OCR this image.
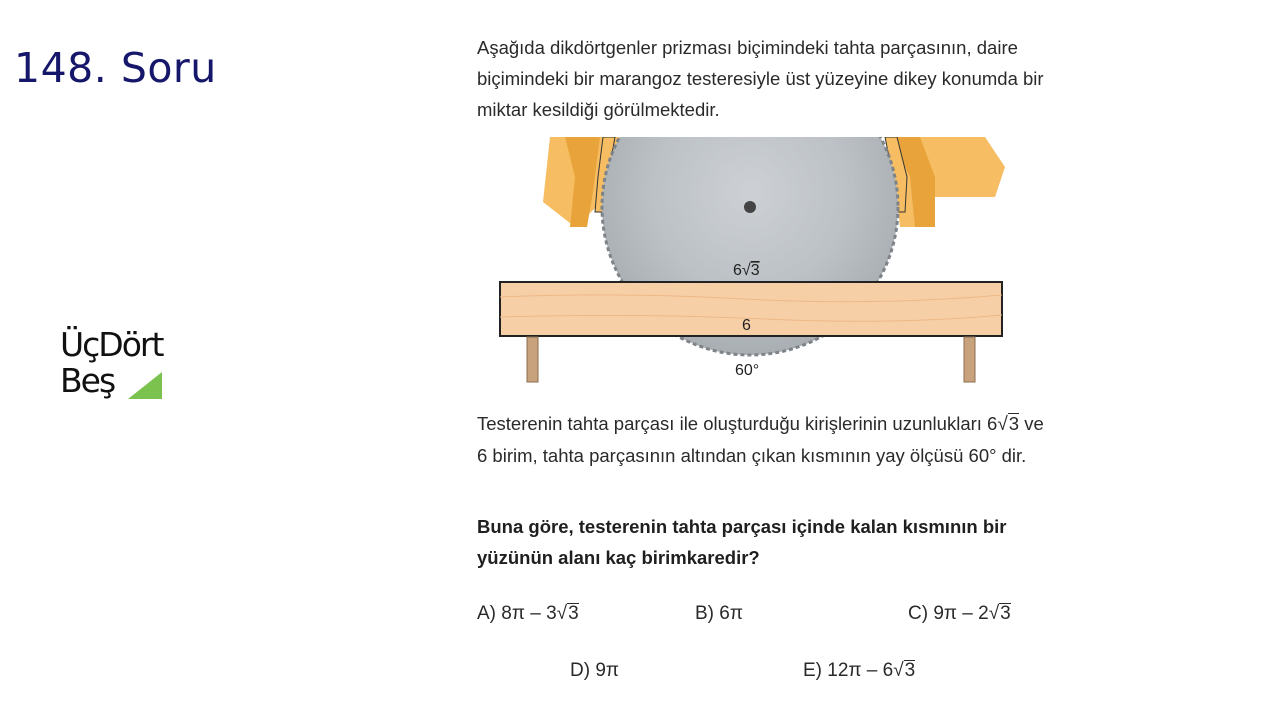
148. Soru
ÜçDört
Beş
Aşağıda dikdörtgenler prizması biçimindeki tahta parçasının, daire biçimindeki bir marangoz testeresiyle üst yüzeyine dikey konumda bir miktar kesildiği görülmektedir.
6√3
6
60°
Testerenin tahta parçası ile oluşturduğu kirişlerinin uzunlukları 6√3 ve 6 birim, tahta parçasının altından çıkan kısmının yay ölçüsü 60° dir.
Buna göre, testerenin tahta parçası içinde kalan kısmının bir yüzünün alanı kaç birimkaredir?
A) 8π – 3√3	B) 6π	C) 9π – 2√3
D) 9π	E) 12π – 6√3
